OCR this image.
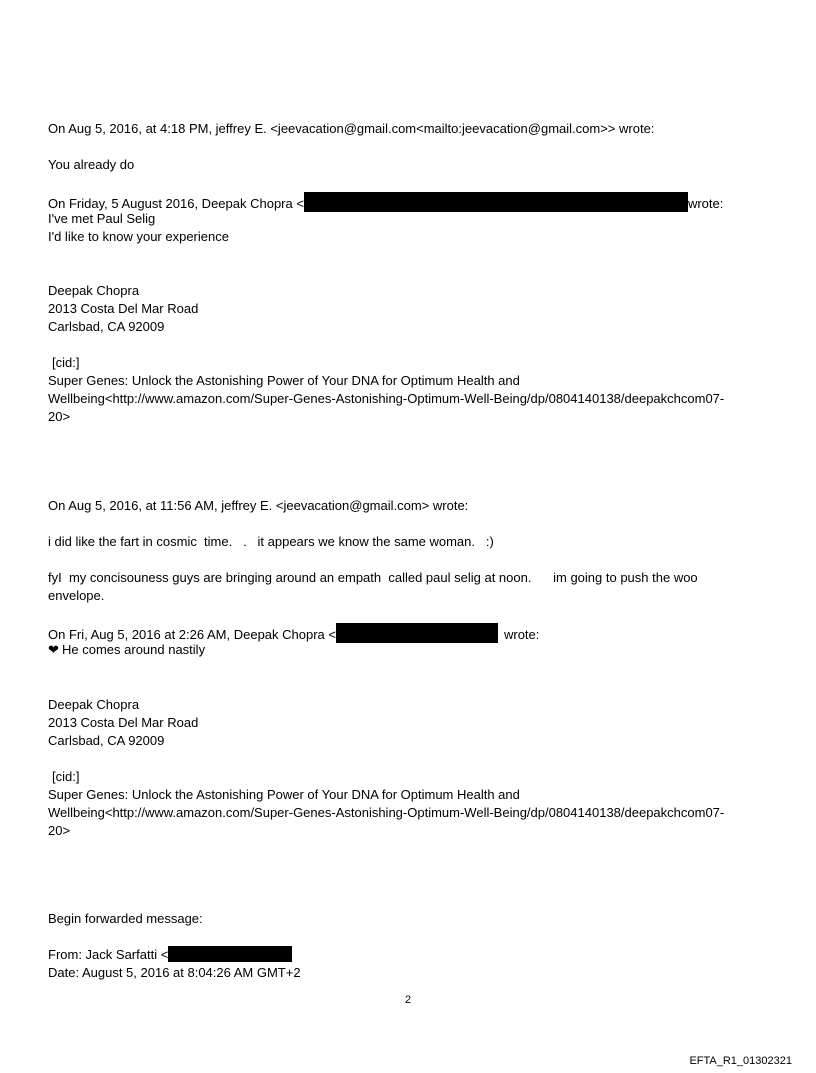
On Aug 5, 2016, at 4:18 PM, jeffrey E. <jeevacation@gmail.com<mailto:jeevacation@gmail.com>> wrote:
You already do
On Friday, 5 August 2016, Deepak Chopra <	wrote:
I've met Paul Selig
I'd like to know your experience
Deepak Chopra
2013 Costa Del Mar Road
Carlsbad, CA 92009
[cid:]
Super Genes: Unlock the Astonishing Power of Your DNA for Optimum Health and
Wellbeing<http://www.amazon.com/Super-Genes-Astonishing-Optimum-Well-Being/dp/0804140138/deepakchcom07-
20>
On Aug 5, 2016, at 11:56 AM, jeffrey E. <jeevacation@gmail.com> wrote:
i did like the fart in cosmic  time.   .   it appears we know the same woman.   :)
fyI  my concisouness guys are bringing around an empath  called paul selig at noon.      im going to push the woo
envelope.
On Fri, Aug 5, 2016 at 2:26 AM, Deepak Chopra <	wrote:
❤ He comes around nastily
Deepak Chopra
2013 Costa Del Mar Road
Carlsbad, CA 92009
[cid:]
Super Genes: Unlock the Astonishing Power of Your DNA for Optimum Health and
Wellbeing<http://www.amazon.com/Super-Genes-Astonishing-Optimum-Well-Being/dp/0804140138/deepakchcom07-
20>
Begin forwarded message:
From: Jack Sarfatti <
Date: August 5, 2016 at 8:04:26 AM GMT+2
2
EFTA_R1_01302321
